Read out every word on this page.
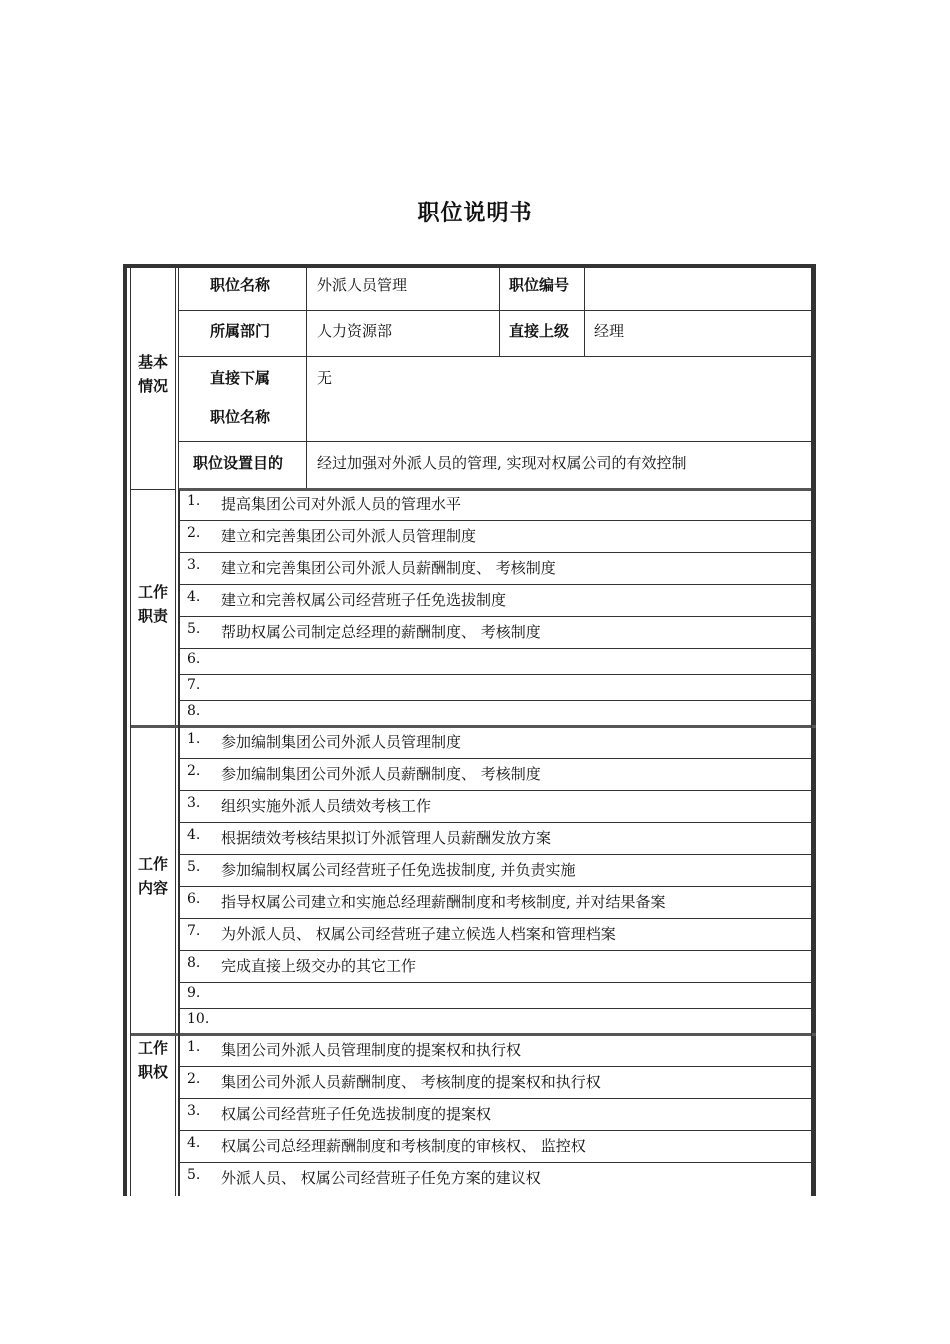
职位说明书
基本
情况
职位名称	外派人员管理	职位编号
所属部门	人力资源部	直接上级 经理
直接下属
职位名称
无
职位设置目的 经过加强对外派人员的管理, 实现对权属公司的有效控制
工作
职责
1. 提高集团公司对外派人员的管理水平
2. 建立和完善集团公司外派人员管理制度
3. 建立和完善集团公司外派人员薪酬制度、 考核制度
4. 建立和完善权属公司经营班子任免选拔制度
5. 帮助权属公司制定总经理的薪酬制度、 考核制度
6.
7.
8.
工作
内容
1. 参加编制集团公司外派人员管理制度
2. 参加编制集团公司外派人员薪酬制度、 考核制度
3. 组织实施外派人员绩效考核工作
4. 根据绩效考核结果拟订外派管理人员薪酬发放方案
5. 参加编制权属公司经营班子任免选拔制度, 并负责实施
6. 指导权属公司建立和实施总经理薪酬制度和考核制度, 并对结果备案
7. 为外派人员、 权属公司经营班子建立候选人档案和管理档案
8. 完成直接上级交办的其它工作
9.
10.
工作
职权
1. 集团公司外派人员管理制度的提案权和执行权
2. 集团公司外派人员薪酬制度、 考核制度的提案权和执行权
3. 权属公司经营班子任免选拔制度的提案权
4. 权属公司总经理薪酬制度和考核制度的审核权、 监控权
5. 外派人员、 权属公司经营班子任免方案的建议权
